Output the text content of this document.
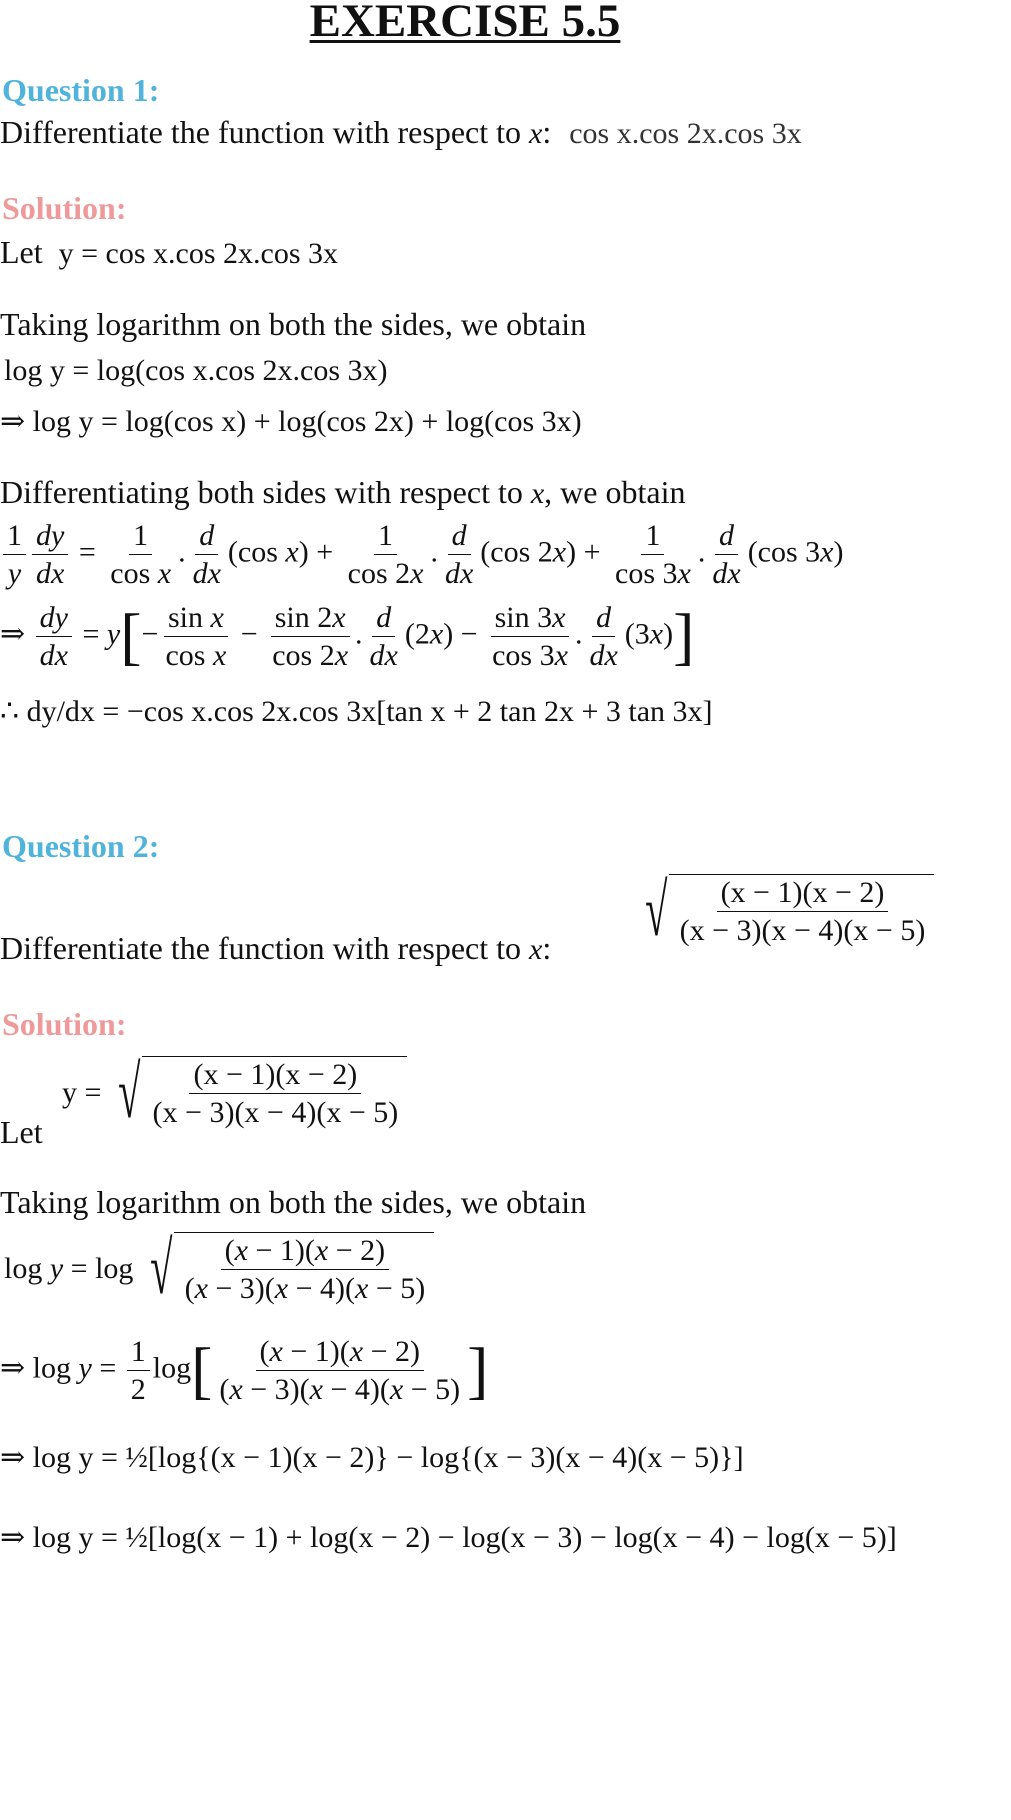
EXERCISE 5.5
Question 1:
Differentiate the function with respect to x: cos x.cos 2x.cos 3x
Solution:
Let y = cos x.cos 2x.cos 3x
Taking logarithm on both the sides, we obtain
log y = log(cos x.cos 2x.cos 3x)
⇒ log y = log(cos x) + log(cos 2x) + log(cos 3x)
Differentiating both sides with respect to x, we obtain
$\frac{1}{y} \frac{dy}{dx} = \frac{1}{\text{cos x}}$ . $\frac{d}{dx} (\cos$ $x) + \frac{1}{\cos 2x}$ . $\frac{d}{dx} (\cos$ $2x) + \frac{1}{\cos 3x}$ . $\frac{d}{dx} (\cos$ 3x)
⇒ $\frac{dy}{dx} = y[- \frac{\text{sin x}}{\text{cos x}} - \frac{\sin 2x}{\cos 2x}$ . $\frac{d}{dx} (2x) - \frac{\sin 3x}{\cos 3x}$ . $\frac{d}{dx} (3x)$]
∴ dy/dx = −cos x.cos 2x.cos 3x[tan x + 2 tan 2x + 3 tan 3x]
Question 2:
Differentiate the function with respect to x: √ $\frac{(x - 1)(x - 2)}{(x - 3)(x - 4)(x - 5)}$
Solution:
Let
y = √ $\frac{(x - 1)(x - 2)}{(x - 3)(x - 4)(x - 5)}$
Taking logarithm on both the sides, we obtain
log y = log √ $\frac{(x - 1)(x - 2)}{(x - 3)(x - 4)(x - 5)}$
⇒ $\log y = \frac{1}{2} \log[ \frac{(x - 1)(x - 2)}{(x - 3)(x - 4)(x - 5)}$ ]
⇒ log y = ½[log{(x − 1)(x − 2)} − log{(x − 3)(x − 4)(x − 5)}]
⇒ log y = ½[log(x − 1) + log(x − 2) − log(x − 3) − log(x − 4) − log(x − 5)]
